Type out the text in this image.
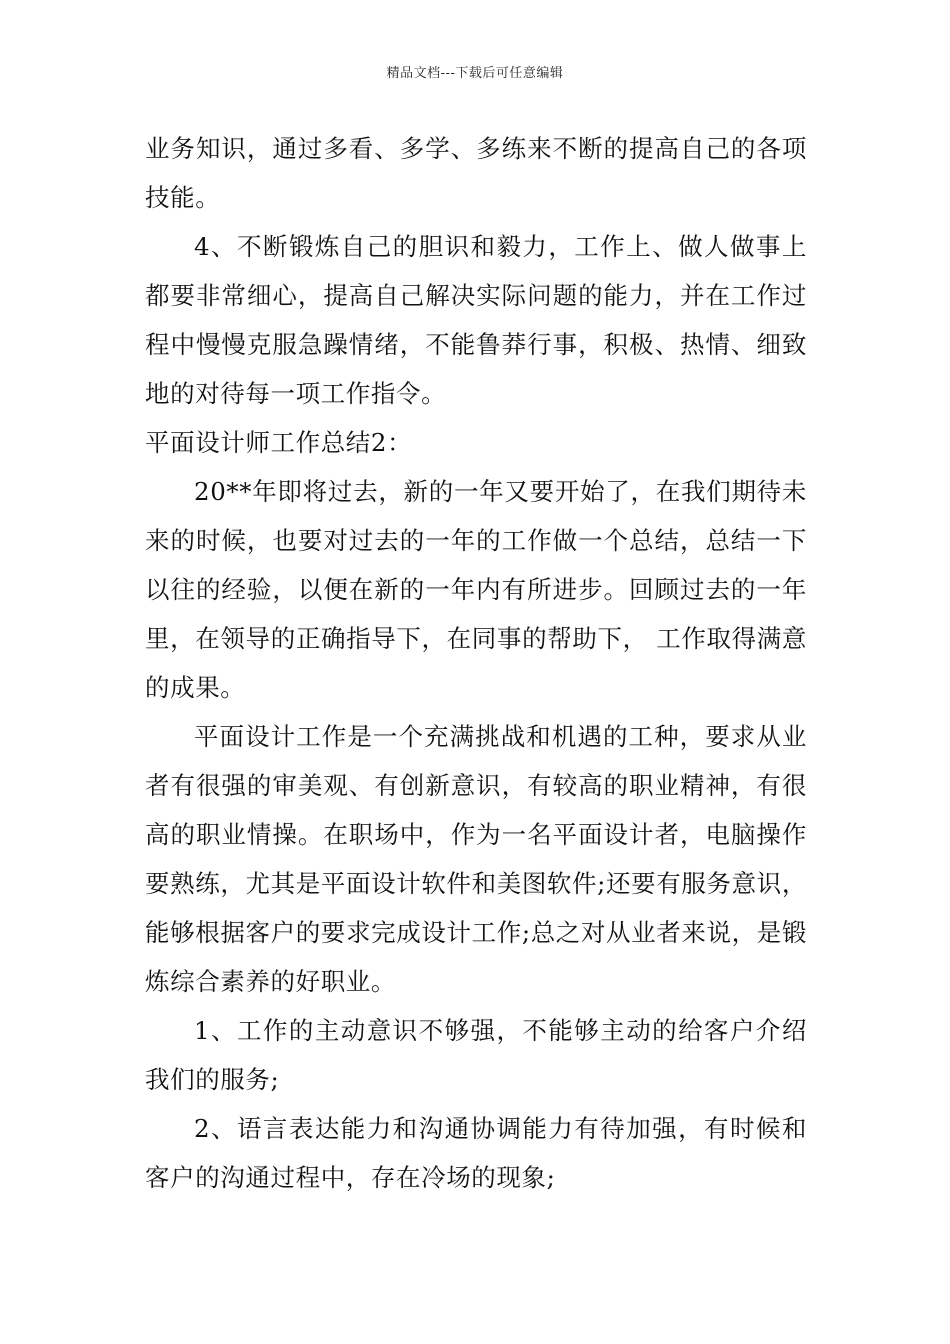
精品文档---下载后可任意编辑

业务知识，通过多看、多学、多练来不断的提高自己的各项技能。

4、不断锻炼自己的胆识和毅力，工作上、做人做事上都要非常细心，提高自己解决实际问题的能力，并在工作过程中慢慢克服急躁情绪，不能鲁莽行事，积极、热情、细致地的对待每一项工作指令。

平面设计师工作总结2：

20**年即将过去，新的一年又要开始了，在我们期待未来的时候，也要对过去的一年的工作做一个总结，总结一下以往的经验，以便在新的一年内有所进步。回顾过去的一年里，在领导的正确指导下，在同事的帮助下， 工作取得满意的成果。

平面设计工作是一个充满挑战和机遇的工种，要求从业者有很强的审美观、有创新意识，有较高的职业精神，有很高的职业情操。在职场中，作为一名平面设计者，电脑操作要熟练，尤其是平面设计软件和美图软件;还要有服务意识，能够根据客户的要求完成设计工作;总之对从业者来说，是锻炼综合素养的好职业。

1、工作的主动意识不够强，不能够主动的给客户介绍我们的服务;

2、语言表达能力和沟通协调能力有待加强，有时候和客户的沟通过程中，存在冷场的现象;
